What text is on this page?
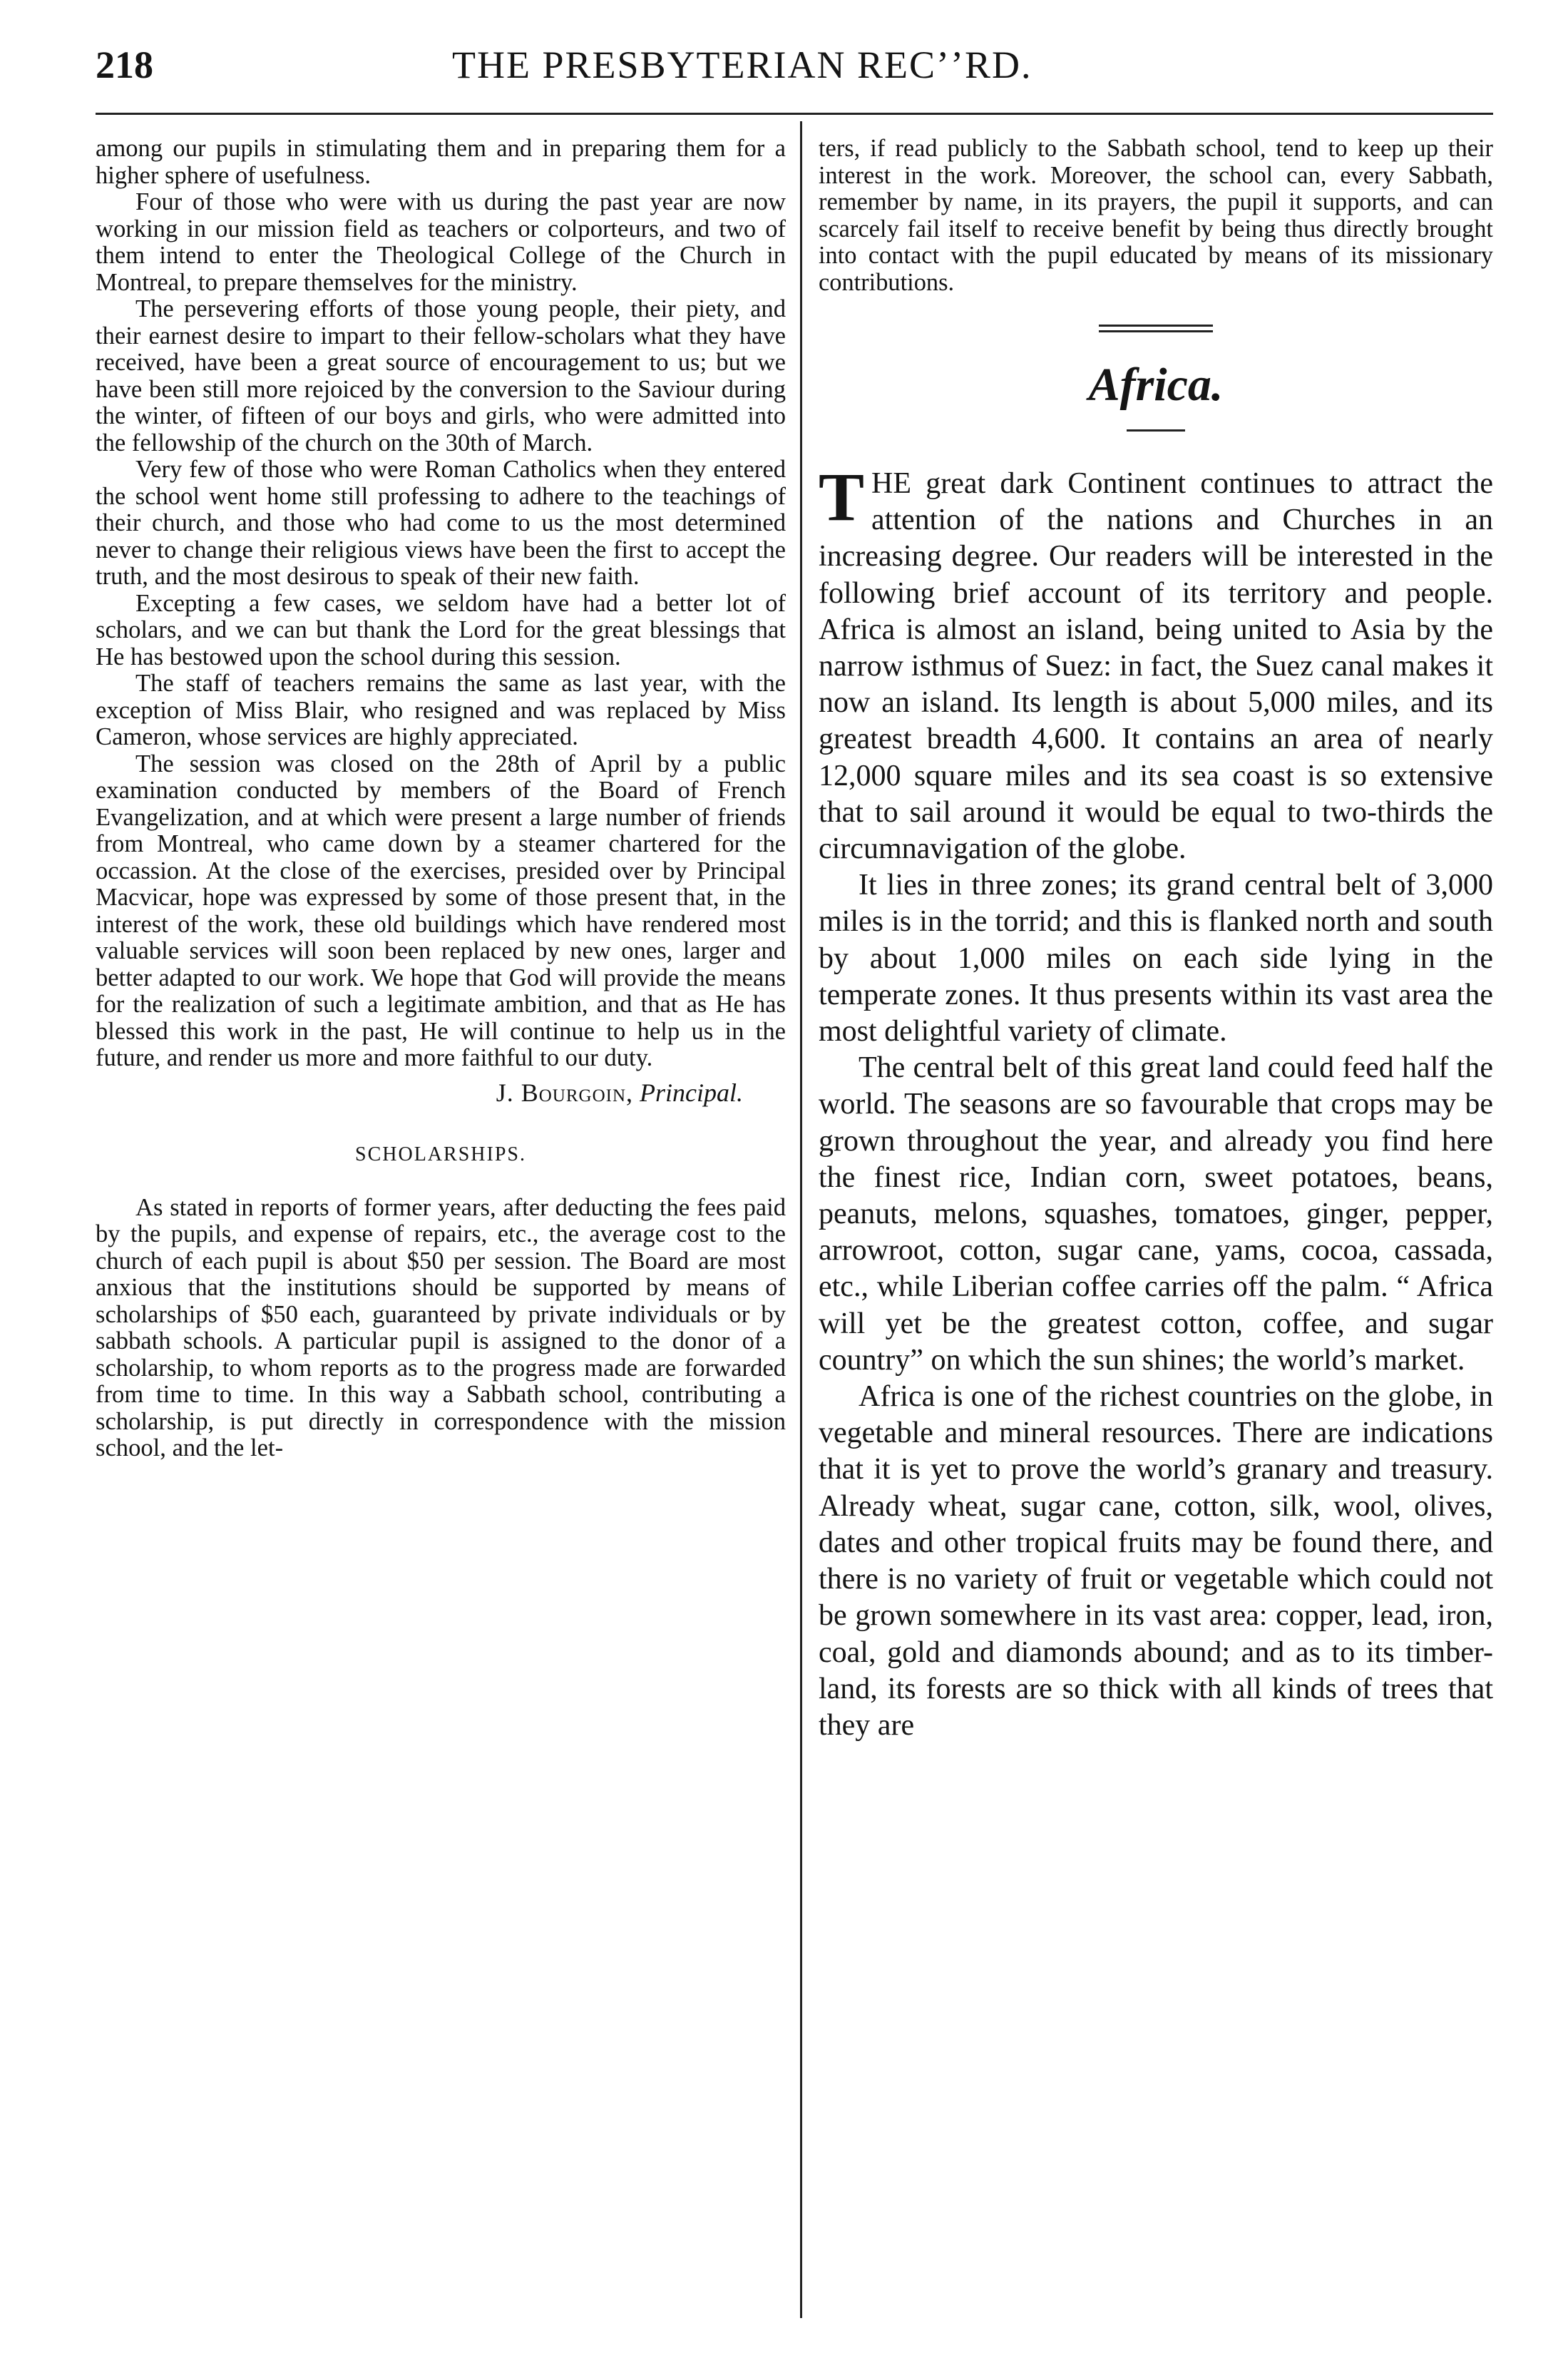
218	THE PRESBYTERIAN RECʼ’RD.

among our pupils in stimulating them and in preparing them for a higher sphere of usefulness.

Four of those who were with us during the past year are now working in our mission field as teachers or colporteurs, and two of them intend to enter the Theological College of the Church in Montreal, to prepare themselves for the ministry.

The persevering efforts of those young people, their piety, and their earnest desire to impart to their fellow-scholars what they have received, have been a great source of encouragement to us; but we have been still more rejoiced by the conversion to the Saviour during the winter, of fifteen of our boys and girls, who were admitted into the fellowship of the church on the 30th of March.

Very few of those who were Roman Catholics when they entered the school went home still professing to adhere to the teachings of their church, and those who had come to us the most determined never to change their religious views have been the first to accept the truth, and the most desirous to speak of their new faith.

Excepting a few cases, we seldom have had a better lot of scholars, and we can but thank the Lord for the great blessings that He has bestowed upon the school during this session.

The staff of teachers remains the same as last year, with the exception of Miss Blair, who resigned and was replaced by Miss Cameron, whose services are highly appreciated.

The session was closed on the 28th of April by a public examination conducted by members of the Board of French Evangelization, and at which were present a large number of friends from Montreal, who came down by a steamer chartered for the occassion. At the close of the exercises, presided over by Principal Macvicar, hope was expressed by some of those present that, in the interest of the work, these old buildings which have rendered most valuable services will soon been replaced by new ones, larger and better adapted to our work. We hope that God will provide the means for the realization of such a legitimate ambition, and that as He has blessed this work in the past, He will continue to help us in the future, and render us more and more faithful to our duty.

J. Bourgoin, Principal.
SCHOLARSHIPS.

As stated in reports of former years, after deducting the fees paid by the pupils, and expense of repairs, etc., the average cost to the church of each pupil is about $50 per session. The Board are most anxious that the institutions should be supported by means of scholarships of $50 each, guaranteed by private individuals or by sabbath schools. A particular pupil is assigned to the donor of a scholarship, to whom reports as to the progress made are forwarded from time to time. In this way a Sabbath school, contributing a scholarship, is put directly in correspondence with the mission school, and the let-

ters, if read publicly to the Sabbath school, tend to keep up their interest in the work. Moreover, the school can, every Sabbath, remember by name, in its prayers, the pupil it supports, and can scarcely fail itself to receive benefit by being thus directly brought into contact with the pupil educated by means of its missionary contributions.

Africa.

THE great dark Continent continues to attract the attention of the nations and Churches in an increasing degree. Our readers will be interested in the following brief account of its territory and people. Africa is almost an island, being united to Asia by the narrow isthmus of Suez: in fact, the Suez canal makes it now an island. Its length is about 5,000 miles, and its greatest breadth 4,600. It contains an area of nearly 12,000 square miles and its sea coast is so extensive that to sail around it would be equal to two-thirds the circumnavigation of the globe.

It lies in three zones; its grand central belt of 3,000 miles is in the torrid; and this is flanked north and south by about 1,000 miles on each side lying in the temperate zones. It thus presents within its vast area the most delightful variety of climate.

The central belt of this great land could feed half the world. The seasons are so favourable that crops may be grown throughout the year, and already you find here the finest rice, Indian corn, sweet potatoes, beans, peanuts, melons, squashes, tomatoes, ginger, pepper, arrowroot, cotton, sugar cane, yams, cocoa, cassada, etc., while Liberian coffee carries off the palm. “ Africa will yet be the greatest cotton, coffee, and sugar country” on which the sun shines; the world’s market.

Africa is one of the richest countries on the globe, in vegetable and mineral resources. There are indications that it is yet to prove the world’s granary and treasury. Already wheat, sugar cane, cotton, silk, wool, olives, dates and other tropical fruits may be found there, and there is no variety of fruit or vegetable which could not be grown somewhere in its vast area: copper, lead, iron, coal, gold and diamonds abound; and as to its timber-land, its forests are so thick with all kinds of trees that they are
